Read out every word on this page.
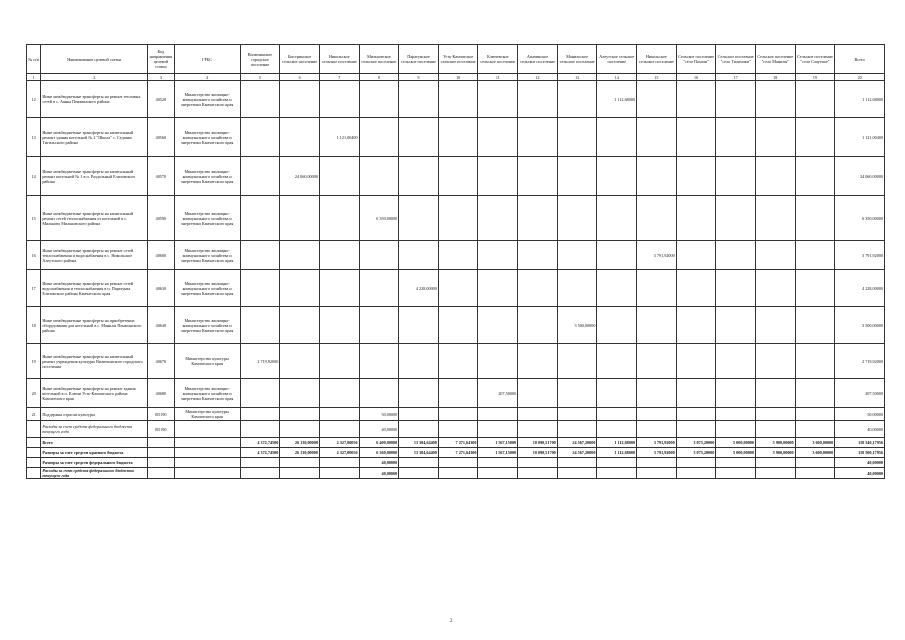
№ п/п	Наименование целевой статьи	Код направления целевой статьи	ГРБС	Вилючинское городское поселение	Быстринское сельское поселение	Никольское сельское поселение	Мильковское сельское поселение	Паратунское сельское поселение	Усть-Камчатское сельское поселение	Ключевское сельское поселение	Апачинское сельское поселение	Манильское сельское поселение	Алеутское сельское поселение	Никольское сельское поселение	Сельское поселение "село Пахачи"	Сельское поселение "село Тиличики"	Сельское поселение "село Манилы"	Сельское поселение "село Слаутное"	Всего
1	2	3	4	5	6	7	8	9	10	11	12	13	14	15	16	17	18	19	20
12	Иные межбюджетные трансферты на ремонт тепловых сетей в с. Аянка Пенжинского района	40520	Министерство жилищно-коммунального хозяйства и энергетики Камчатского края										1 112,68000						1 112,68000
13	Иные межбюджетные трансферты на капитальный ремонт здания котельной № 2 "Школа" с. Седанка Тигильского района	40560	Министерство жилищно-коммунального хозяйства и энергетики Камчатского края			1 121,00400													1 121,00400
14	Иные межбюджетные трансферты на капитальный ремонт котельной № 1 в п. Раздольный Елизовского района	40570	Министерство жилищно-коммунального хозяйства и энергетики Камчатского края		24 060,00000														24 060,00000
15	Иные межбюджетные трансферты на капитальный ремонт сетей теплоснабжения от котельной в с. Мильково Мильковского района	40590	Министерство жилищно-коммунального хозяйства и энергетики Камчатского края				6 350,00000												6 350,00000
16	Иные межбюджетные трансферты на ремонт сетей теплоснабжения и водоснабжения в с. Никольское Алеутского района	40600	Министерство жилищно-коммунального хозяйства и энергетики Камчатского края											3 791,92000					3 791,92000
17	Иные межбюджетные трансферты на ремонт сетей водоснабжения и теплоснабжения в п. Паратунка Елизовского района Камчатского края	40630	Министерство жилищно-коммунального хозяйства и энергетики Камчатского края					4 228,00000											4 228,00000
18	Иные межбюджетные трансферты на приобретение оборудования для котельной в с. Манилы Пенжинского района	40640	Министерство жилищно-коммунального хозяйства и энергетики Камчатского края									3 500,00000							3 500,00000
19	Иные межбюджетные трансферты на капитальный ремонт учреждения культуры Вилючинского городского поселения	40670	Министерство культуры Камчатского края	2 719,92000															2 719,92000
20	Иные межбюджетные трансферты на ремонт здания котельной в п. Ключи Усть-Камчатского района Камчатского края	40680	Министерство жилищно-коммунального хозяйства и энергетики Камчатского края							207,50000									207,50000
21	Поддержка отрасли культуры	R5190	Министерство культуры Камчатского края				50,00000												50,00000
	Расходы за счет средств федерального бюджета текущего года	R5190					40,00000												40,00000
	Всего			4 372,74500	26 130,00000	2 327,00056	6 400,00000	13 304,64400	7 271,64300	1 567,15000	10 090,51700	24 567,20000	1 112,68000	3 791,92000	3 075,20000	5 000,00000	5 900,00000	3 600,00000	118 540,17956
	Размеры за счет средств краевого бюджета			4 372,74500	26 130,00000	2 327,00056	6 360,00000	13 304,64400	7 271,64300	1 567,15000	10 090,51700	24 567,20000	1 112,68000	3 791,92000	3 075,20000	5 000,00000	5 900,00000	3 600,00000	118 500,17956
	Размеры за счет средств федерального бюджета						40,00000												40,00000
	Расходы за счет средств федерального бюджета текущего года						40,00000												40,00000
2
